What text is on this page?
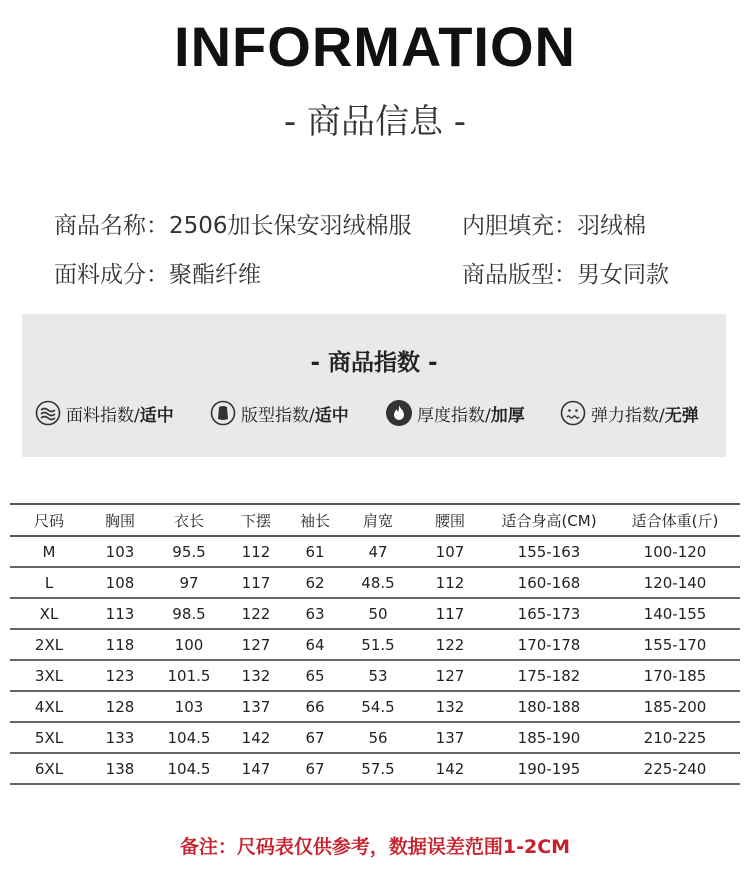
INFORMATION
- 商品信息 -
商品名称：2506加长保安羽绒棉服 内胆填充：羽绒棉
面料成分：聚酯纤维	商品版型：男女同款
- 商品指数 -
面料指数/ 适中	版型指数/ 适中	厚度指数/ 加厚	弹力指数/ 无弹
尺码	胸围	衣长	下摆	袖长	肩宽	腰围	适合身高(CM)	适合体重(斤)
M	103	95.5	112	61	47	107	155-163	100-120
L	108	97	117	62	48.5	112	160-168	120-140
XL	113	98.5	122	63	50	117	165-173	140-155
2XL	118	100	127	64	51.5	122	170-178	155-170
3XL	123	101.5	132	65	53	127	175-182	170-185
4XL	128	103	137	66	54.5	132	180-188	185-200
5XL	133	104.5	142	67	56	137	185-190	210-225
6XL	138	104.5	147	67	57.5	142	190-195	225-240
备注：尺码表仅供参考，数据误差范围1-2CM
